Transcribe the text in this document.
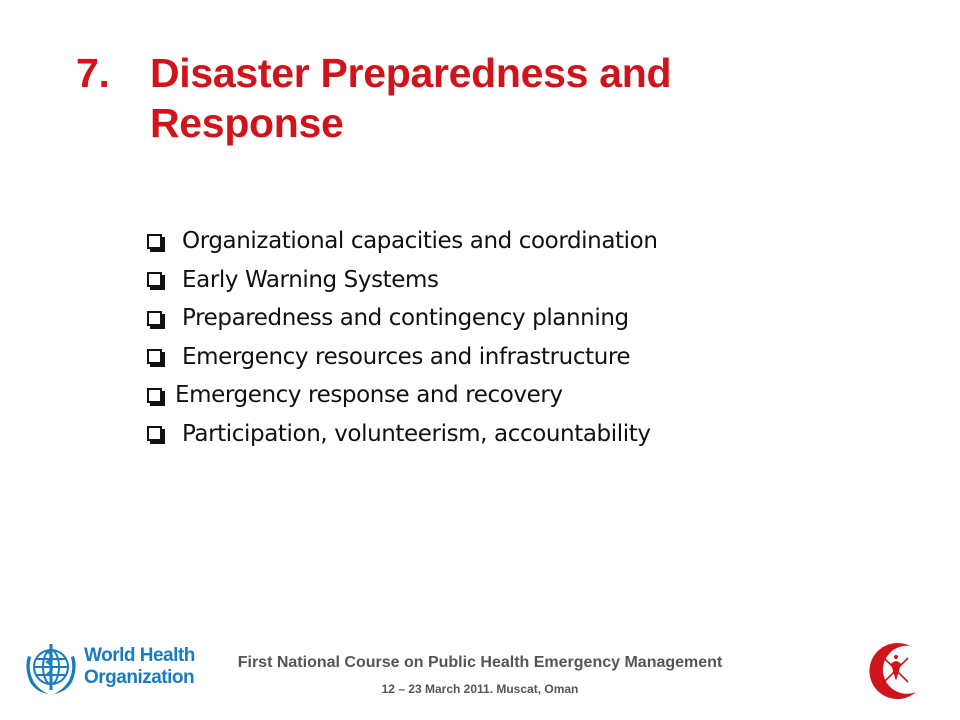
7. Disaster Preparedness and
Response
Organizational capacities and coordination
Early Warning Systems
Preparedness and contingency planning
Emergency resources and infrastructure
Emergency response and recovery
Participation, volunteerism, accountability
World Health
Organization
First National Course on Public Health Emergency Management
12 – 23 March 2011. Muscat, Oman
